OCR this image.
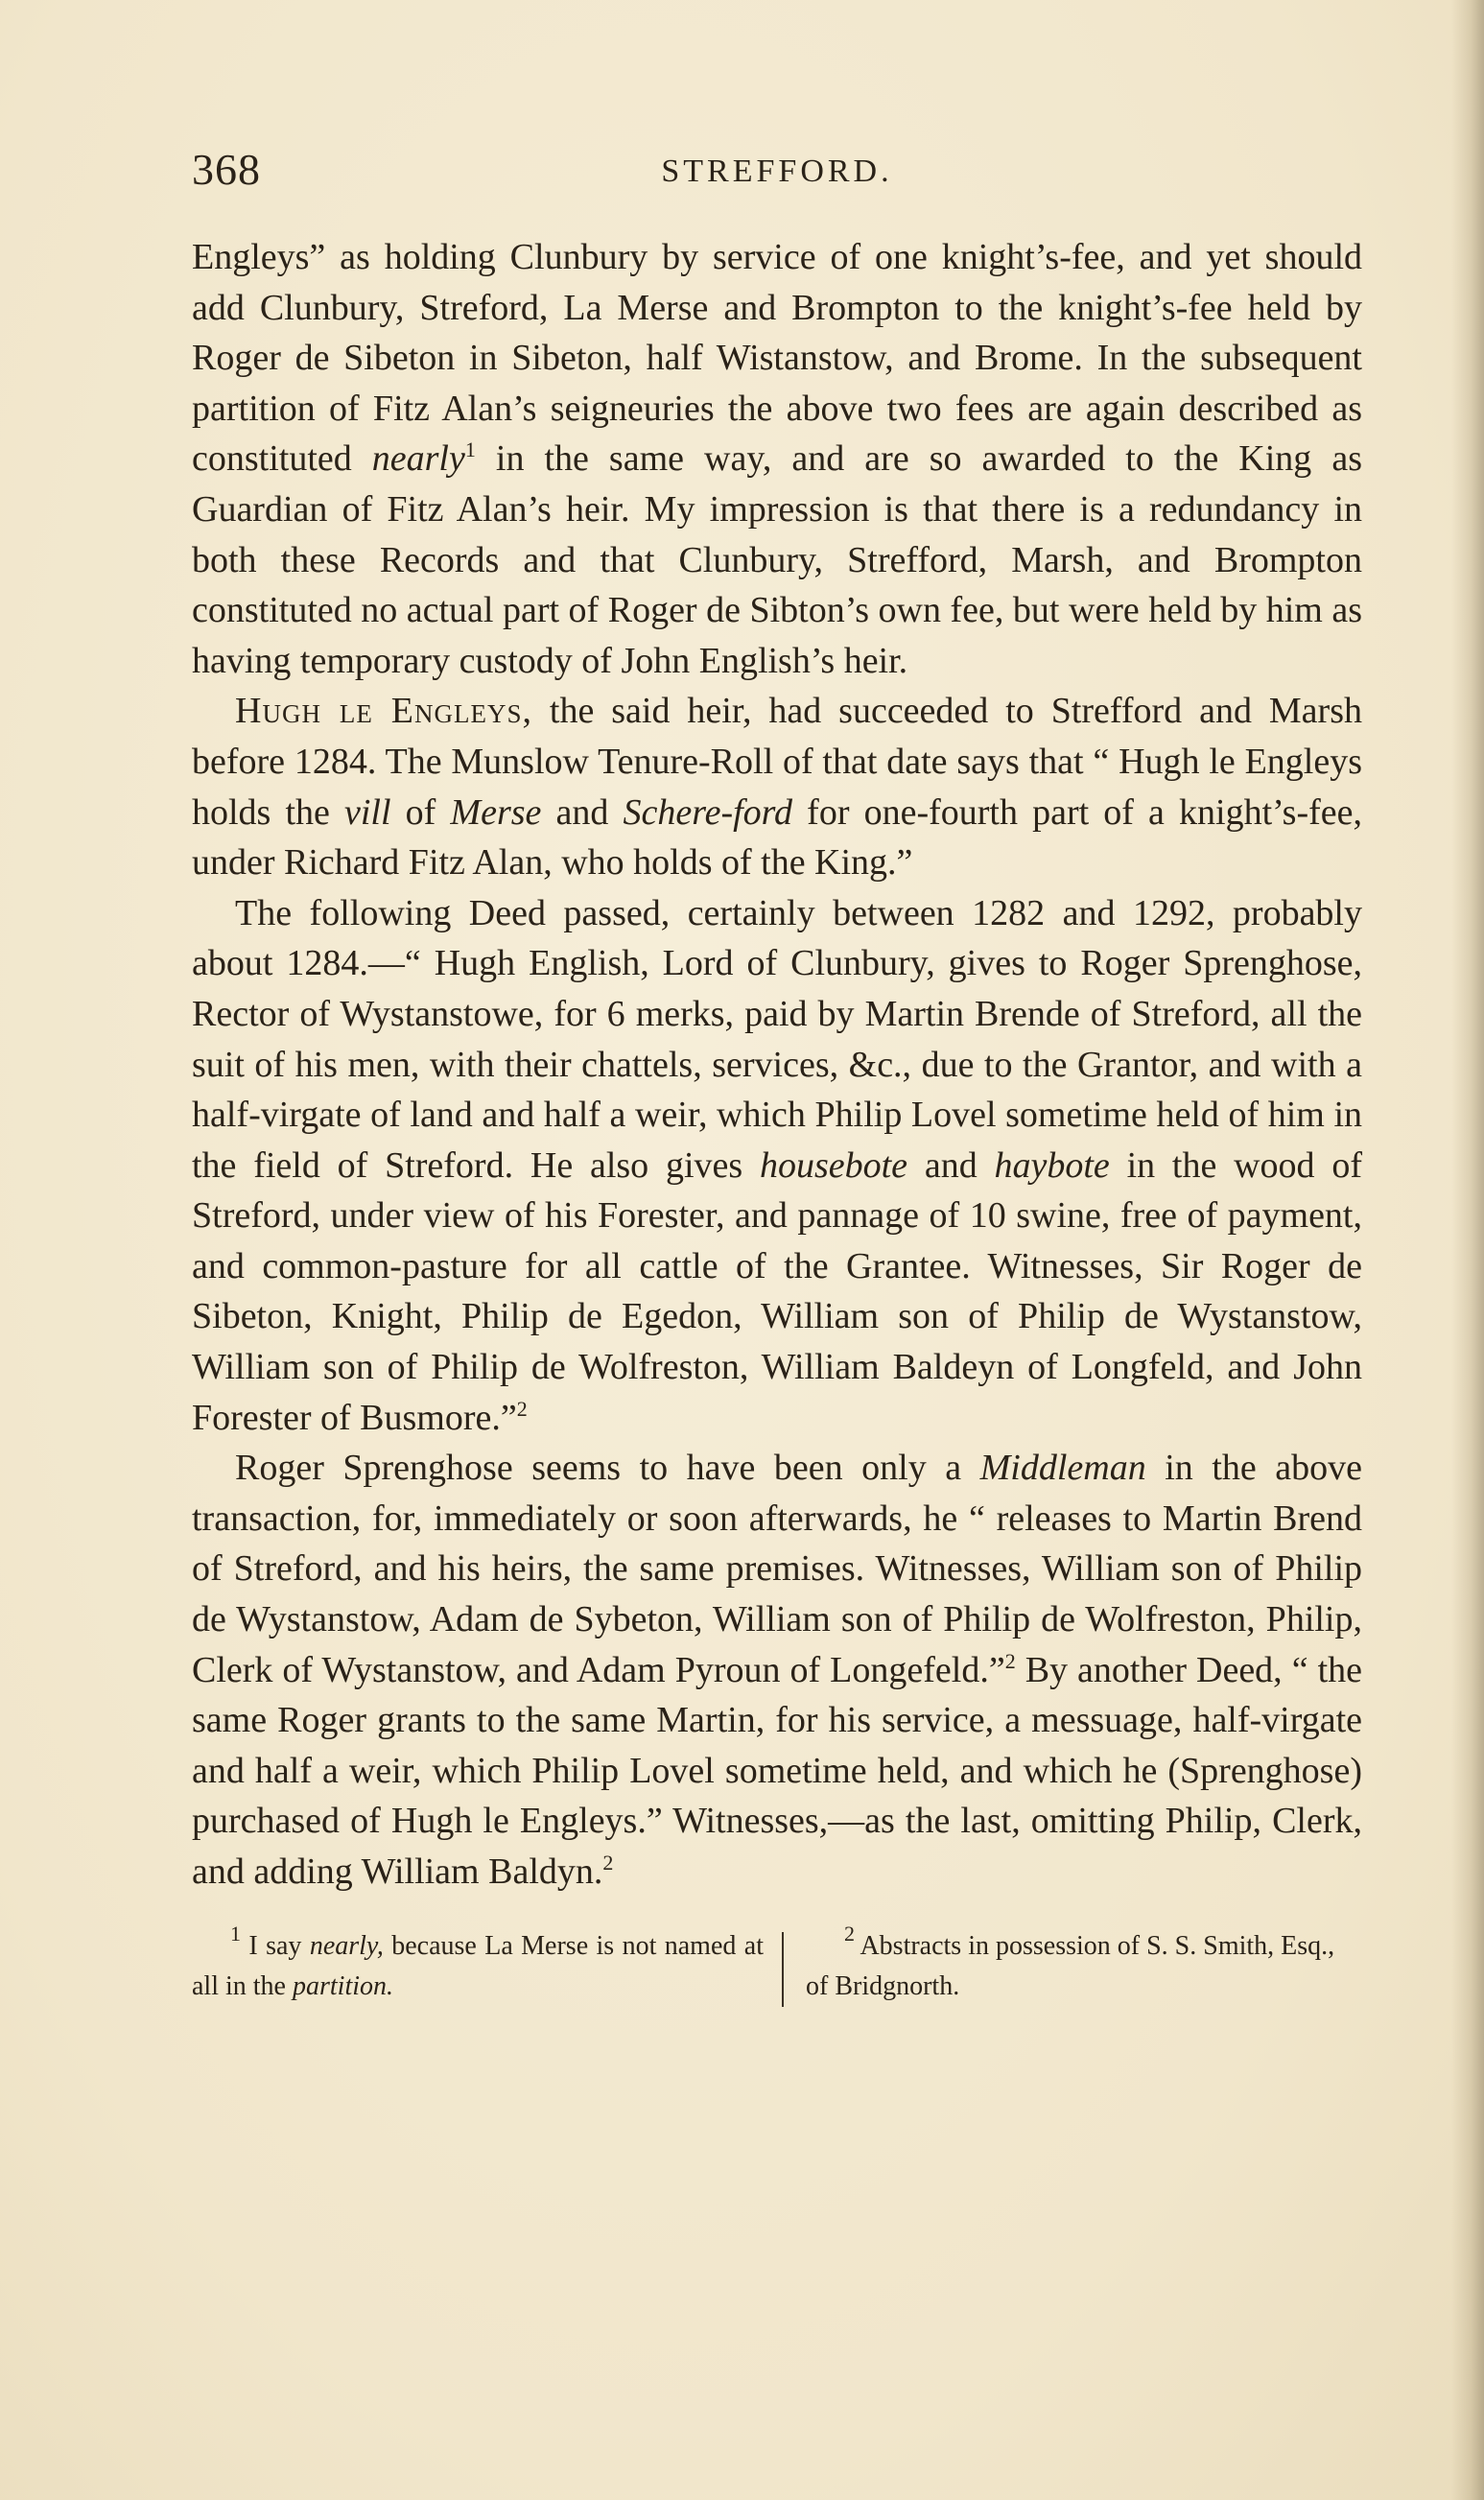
368	STREFFORD.

Engleys” as holding Clunbury by service of one knight’s-fee, and yet should add Clunbury, Streford, La Merse and Brompton to the knight’s-fee held by Roger de Sibeton in Sibeton, half Wistanstow, and Brome. In the subsequent partition of Fitz Alan’s seigneuries the above two fees are again described as constituted nearly$^1$ in the same way, and are so awarded to the King as Guardian of Fitz Alan’s heir. My impression is that there is a redundancy in both these Records and that Clunbury, Strefford, Marsh, and Brompton constituted no actual part of Roger de Sibton’s own fee, but were held by him as having temporary custody of John English’s heir.

Hugh le Engleys, the said heir, had succeeded to Strefford and Marsh before 1284. The Munslow Tenure-Roll of that date says that “ Hugh le Engleys holds the vill of Merse and Schere-ford for one-fourth part of a knight’s-fee, under Richard Fitz Alan, who holds of the King.”

The following Deed passed, certainly between 1282 and 1292, probably about 1284.—“ Hugh English, Lord of Clunbury, gives to Roger Sprenghose, Rector of Wystanstowe, for 6 merks, paid by Martin Brende of Streford, all the suit of his men, with their chattels, services, &c., due to the Grantor, and with a half-virgate of land and half a weir, which Philip Lovel sometime held of him in the field of Streford. He also gives housebote and haybote in the wood of Streford, under view of his Forester, and pannage of 10 swine, free of payment, and common-pasture for all cattle of the Grantee. Witnesses, Sir Roger de Sibeton, Knight, Philip de Egedon, William son of Philip de Wystanstow, William son of Philip de Wolfreston, William Baldeyn of Longfeld, and John Forester of Busmore.”$^2$

Roger Sprenghose seems to have been only a Middleman in the above transaction, for, immediately or soon afterwards, he “ releases to Martin Brend of Streford, and his heirs, the same premises. Witnesses, William son of Philip de Wystanstow, Adam de Sybeton, William son of Philip de Wolfreston, Philip, Clerk of Wystanstow, and Adam Pyroun of Longefeld.”$^2$ By another Deed, “ the same Roger grants to the same Martin, for his service, a messuage, half-virgate and half a weir, which Philip Lovel sometime held, and which he (Sprenghose) purchased of Hugh le Engleys.” Witnesses,—as the last, omitting Philip, Clerk, and adding William Baldyn.$^2$

$^1$ I say nearly, because La Merse is not named at all in the partition.
$^2$ Abstracts in possession of S. S. Smith, Esq., of Bridgnorth.
